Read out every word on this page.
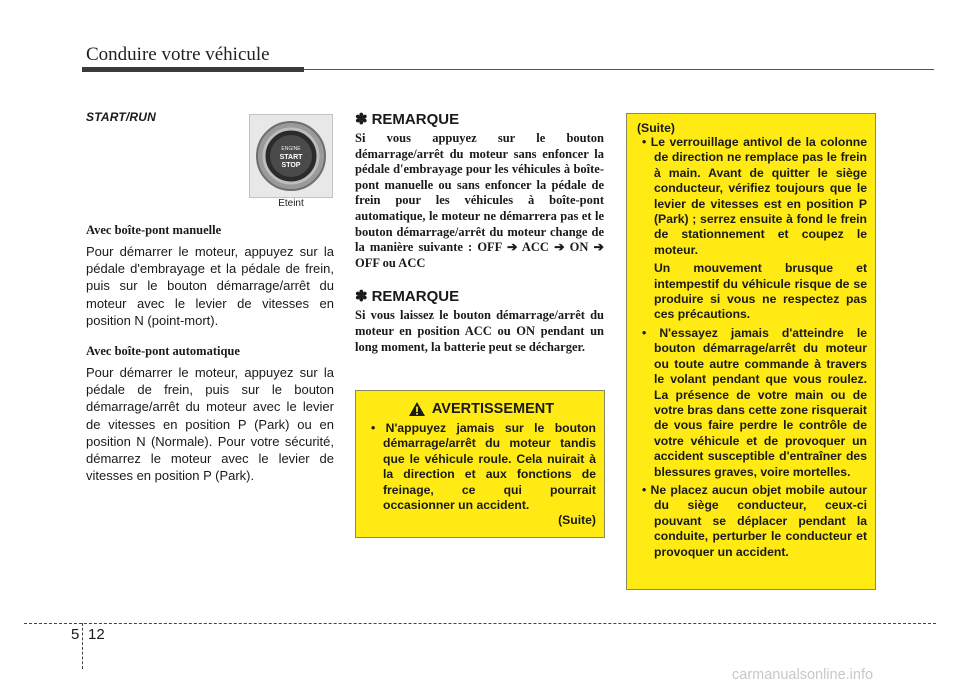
Conduire votre véhicule

START/RUN

Avec boîte-pont manuelle

Pour démarrer le moteur, appuyez sur la pédale d'embrayage et la pédale de frein, puis sur le bouton démarrage/arrêt du moteur avec le levier de vitesses en position N (point-mort).

Avec boîte-pont automatique

Pour démarrer le moteur, appuyez sur la pédale de frein, puis sur le bouton démarrage/arrêt du moteur avec le levier de vitesses en position P (Park) ou en position N (Normale). Pour votre sécurité, démarrez le moteur avec le levier de vitesses en position P (Park).

ENGINE
START
STOP
Eteint

✽ REMARQUE

Si vous appuyez sur le bouton démarrage/arrêt du moteur sans enfoncer la pédale d'embrayage pour les véhicules à boîte-pont manuelle ou sans enfoncer la pédale de frein pour les véhicules à boîte-pont automatique, le moteur ne démarrera pas et le bouton démarrage/arrêt du moteur change de la manière suivante : OFF ➔ ACC ➔ ON ➔ OFF ou ACC

✽ REMARQUE

Si vous laissez le bouton démarrage/arrêt du moteur en position ACC ou ON pendant un long moment, la batterie peut se décharger.

AVERTISSEMENT

• N'appuyez jamais sur le bouton démarrage/arrêt du moteur tandis que le véhicule roule. Cela nuirait à la direction et aux fonctions de freinage, ce qui pourrait occasionner un accident.

(Suite)

(Suite)

• Le verrouillage antivol de la colonne de direction ne remplace pas le frein à main. Avant de quitter le siège conducteur, vérifiez toujours que le levier de vitesses est en position P (Park) ; serrez ensuite à fond le frein de stationnement et coupez le moteur.

Un mouvement brusque et intempestif du véhicule risque de se produire si vous ne respectez pas ces précautions.

• N'essayez jamais d'atteindre le bouton démarrage/arrêt du moteur ou toute autre commande à travers le volant pendant que vous roulez. La présence de votre main ou de votre bras dans cette zone risquerait de vous faire perdre le contrôle de votre véhicule et de provoquer un accident susceptible d'entraîner des blessures graves, voire mortelles.

• Ne placez aucun objet mobile autour du siège conducteur, ceux-ci pouvant se déplacer pendant la conduite, perturber le conducteur et provoquer un accident.

5 12
carmanualsonline.info
